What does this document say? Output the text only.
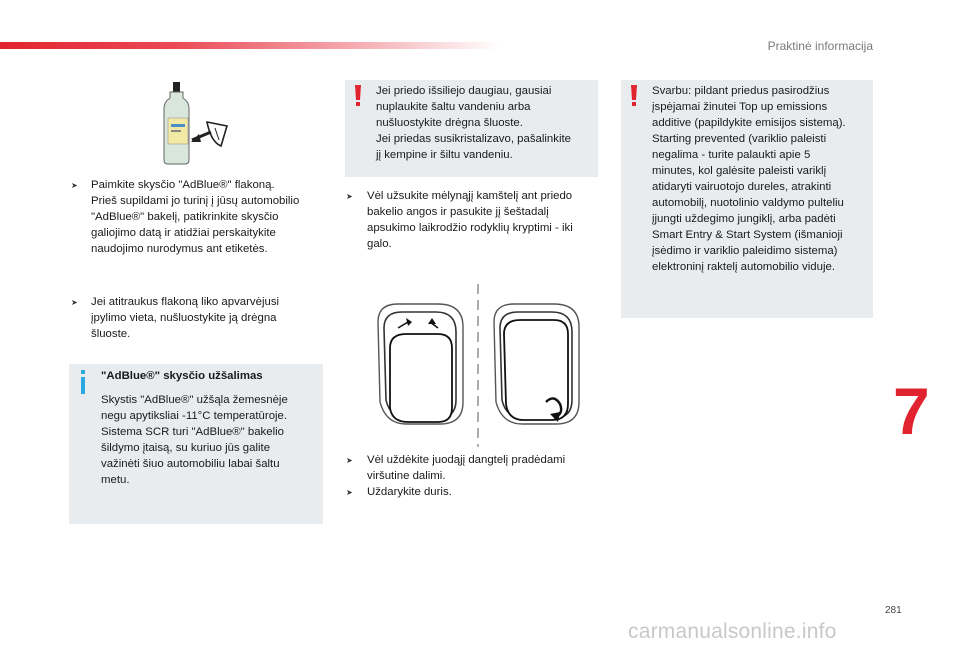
Praktinė informacija
7
➤ Paimkite skysčio "AdBlue®" flakoną.
Prieš supildami jo turinį į jūsų automobilio
"AdBlue®" bakelį, patikrinkite skysčio
galiojimo datą ir atidžiai perskaitykite
naudojimo nurodymus ant etiketės.
➤ Jei atitraukus flakoną liko apvarvėjusi
įpylimo vieta, nušluostykite ją drėgna
šluoste.
"AdBlue®" skysčio užšalimas
Skystis "AdBlue®" užšąla žemesnėje
negu apytiksliai -11°C temperatūroje.
Sistema SCR turi "AdBlue®" bakelio
šildymo įtaisą, su kuriuo jūs galite
važinėti šiuo automobiliu labai šaltu
metu.
Jei priedo išsiliejo daugiau, gausiai
nuplaukite šaltu vandeniu arba
nušluostykite drėgna šluoste.
Jei priedas susikristalizavo, pašalinkite
jį kempine ir šiltu vandeniu.
➤ Vėl užsukite mėlynąjį kamštelį ant priedo
bakelio angos ir pasukite jį šeštadalį
apsukimo laikrodžio rodyklių kryptimi - iki
galo.
➤ Vėl uždėkite juodąjį dangtelį pradėdami
viršutine dalimi.
➤ Uždarykite duris.
Svarbu: pildant priedus pasirodžius
įspėjamai žinutei Top up emissions
additive (papildykite emisijos sistemą).
Starting prevented (variklio paleisti
negalima - turite palaukti apie 5
minutes, kol galėsite paleisti variklį
atidaryti vairuotojo dureles, atrakinti
automobilį, nuotolinio valdymo pulteliu
įjungti uždegimo jungiklį, arba padėti
Smart Entry & Start System (išmanioji
įsėdimo ir variklio paleidimo sistema)
elektroninį raktelį automobilio viduje.
281
carmanualsonline.info
